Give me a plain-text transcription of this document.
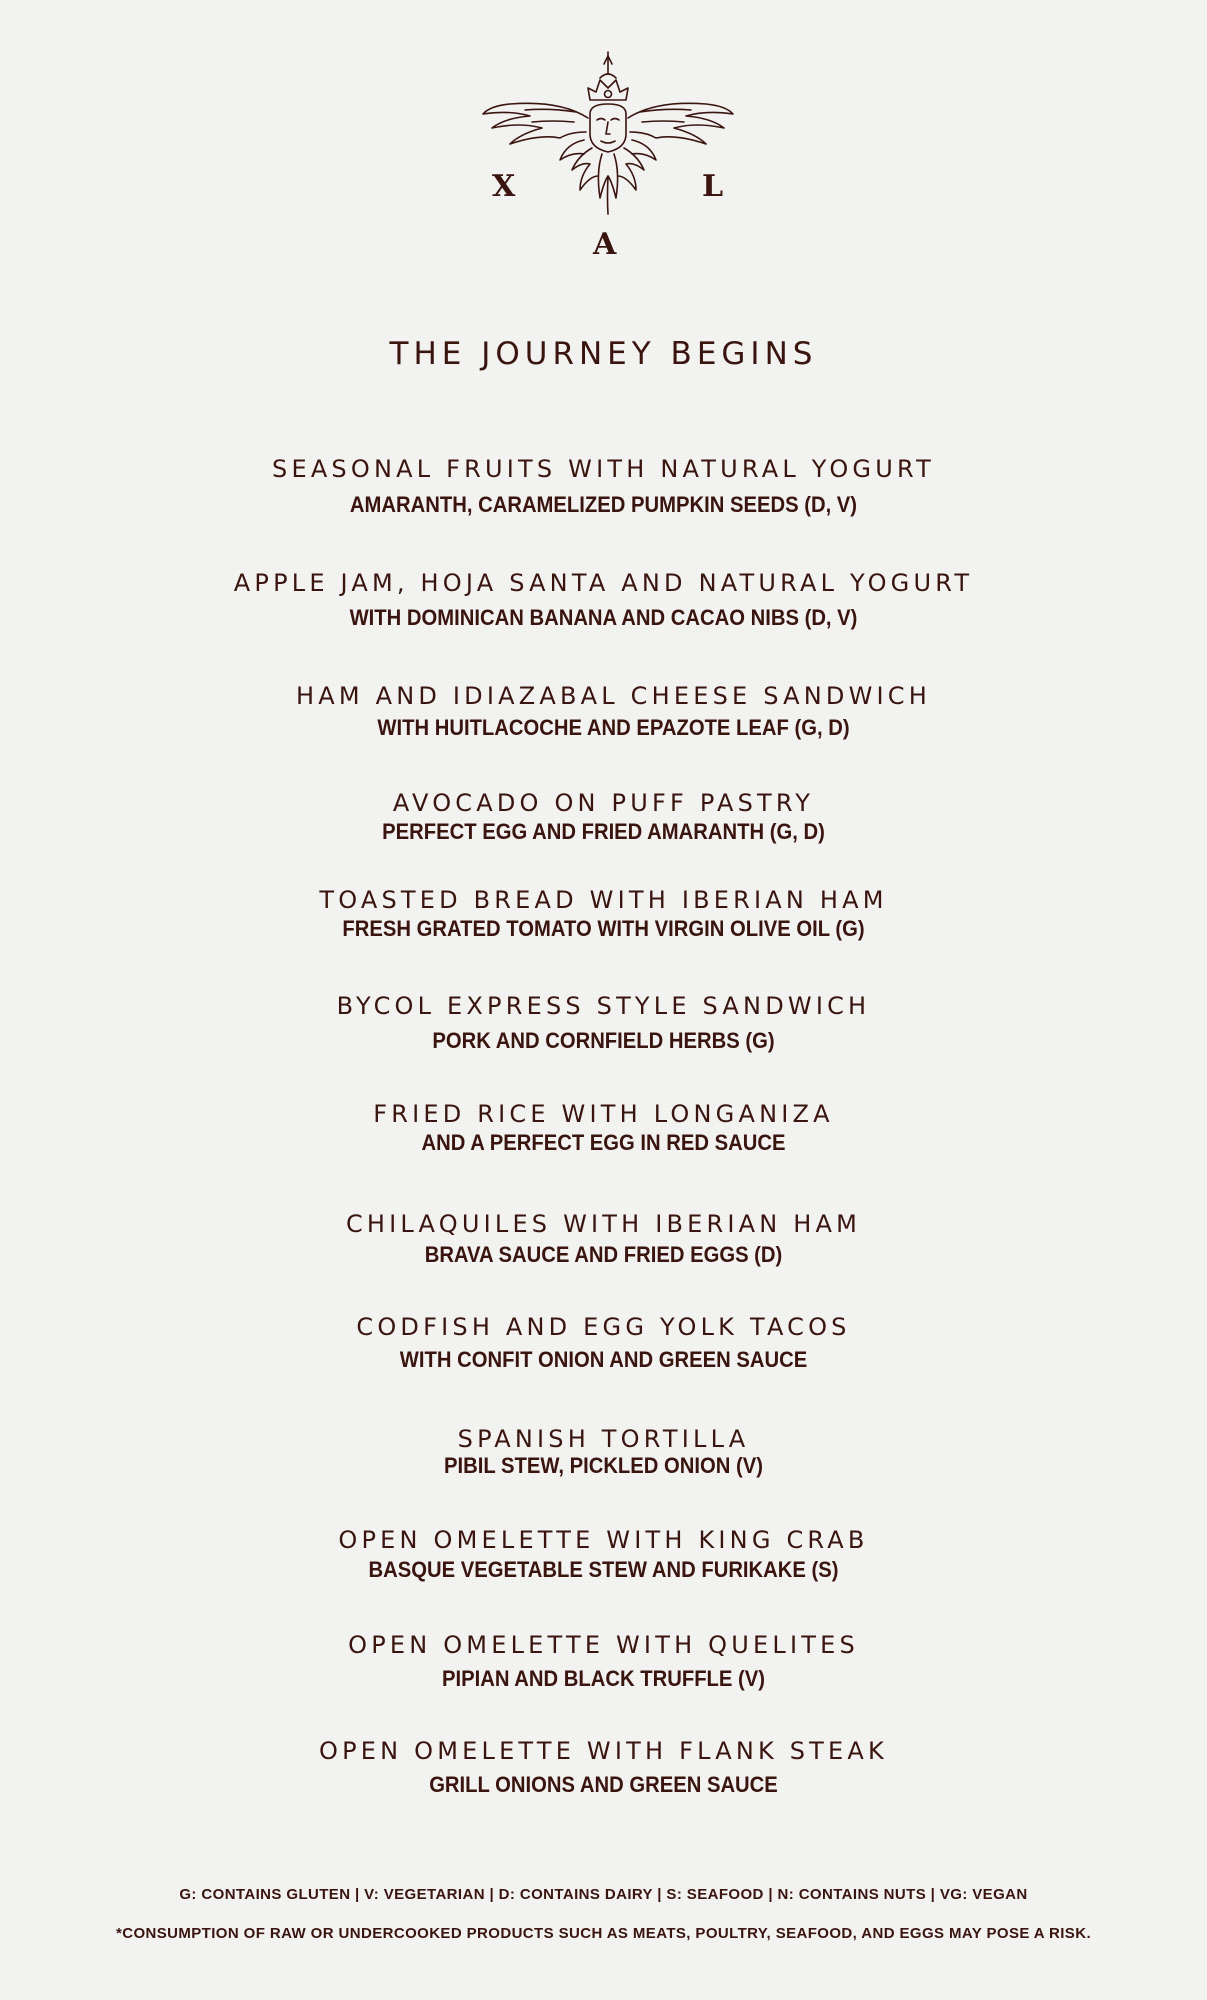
X	L
A
THE JOURNEY BEGINS
SEASONAL FRUITS WITH NATURAL YOGURT
AMARANTH, CARAMELIZED PUMPKIN SEEDS (D, V)
APPLE JAM, HOJA SANTA AND NATURAL YOGURT
WITH DOMINICAN BANANA AND CACAO NIBS (D, V)
HAM AND IDIAZABAL CHEESE SANDWICH
WITH HUITLACOCHE AND EPAZOTE LEAF (G, D)
AVOCADO ON PUFF PASTRY
PERFECT EGG AND FRIED AMARANTH (G, D)
TOASTED BREAD WITH IBERIAN HAM
FRESH GRATED TOMATO WITH VIRGIN OLIVE OIL (G)
BYCOL EXPRESS STYLE SANDWICH
PORK AND CORNFIELD HERBS (G)
FRIED RICE WITH LONGANIZA
AND A PERFECT EGG IN RED SAUCE
CHILAQUILES WITH IBERIAN HAM
BRAVA SAUCE AND FRIED EGGS (D)
CODFISH AND EGG YOLK TACOS
WITH CONFIT ONION AND GREEN SAUCE
SPANISH TORTILLA
PIBIL STEW, PICKLED ONION (V)
OPEN OMELETTE WITH KING CRAB
BASQUE VEGETABLE STEW AND FURIKAKE (S)
OPEN OMELETTE WITH QUELITES
PIPIAN AND BLACK TRUFFLE (V)
OPEN OMELETTE WITH FLANK STEAK
GRILL ONIONS AND GREEN SAUCE
G: CONTAINS GLUTEN | V: VEGETARIAN | D: CONTAINS DAIRY | S: SEAFOOD | N: CONTAINS NUTS | VG: VEGAN
*CONSUMPTION OF RAW OR UNDERCOOKED PRODUCTS SUCH AS MEATS, POULTRY, SEAFOOD, AND EGGS MAY POSE A RISK.
